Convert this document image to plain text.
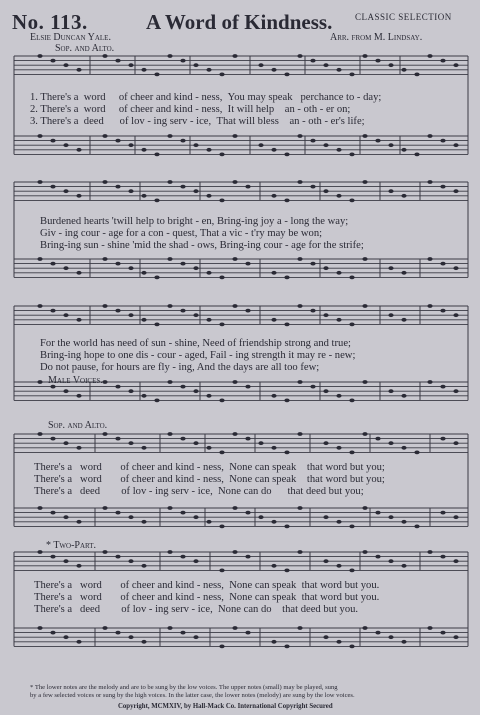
No. 113.	A Word of Kindness.	CLASSIC SELECTION
Elsie Duncan Yale.	Arr. from M. Lindsay.
Sop. and Alto.
1. There's a word of cheer and kind - ness, You may speak perchance to - day;
2. There's a word of cheer and kind - ness, It will help an - oth - er on;
3. There's a deed of lov - ing serv - ice, That will bless an - oth - er's life;
Burdened hearts 'twill help to bright - en, Bring-ing joy a - long the way;
Giv - ing cour - age for a con - quest, That a vic - t'ry may be won;
Bring-ing sun - shine 'mid the shad - ows, Bring-ing cour - age for the strife;
For the world has need of sun - shine, Need of friendship strong and true;
Bring-ing hope to one dis - cour - aged, Fail - ing strength it may re - new;
Do not pause, for hours are fly - ing, And the days are all too few;
Male Voices.
Sop. and Alto.
There's a word of cheer and kind - ness, None can speak that word but you;
There's a word of cheer and kind - ness, None can speak that word but you;
There's a deed of lov - ing serv - ice, None can do that deed but you;
* Two-Part.
There's a word of cheer and kind - ness, None can speak that word but you.
There's a word of cheer and kind - ness, None can speak that word but you.
There's a deed of lov - ing serv - ice, None can do that deed but you.
* The lower notes are the melody and are to be sung by the low voices. The upper notes (small) may be played, sung
by a few selected voices or sung by the high voices. In the latter case, the lower notes (melody) are sung by the low voices.
Copyright, MCMXIV, by Hall-Mack Co. International Copyright Secured
